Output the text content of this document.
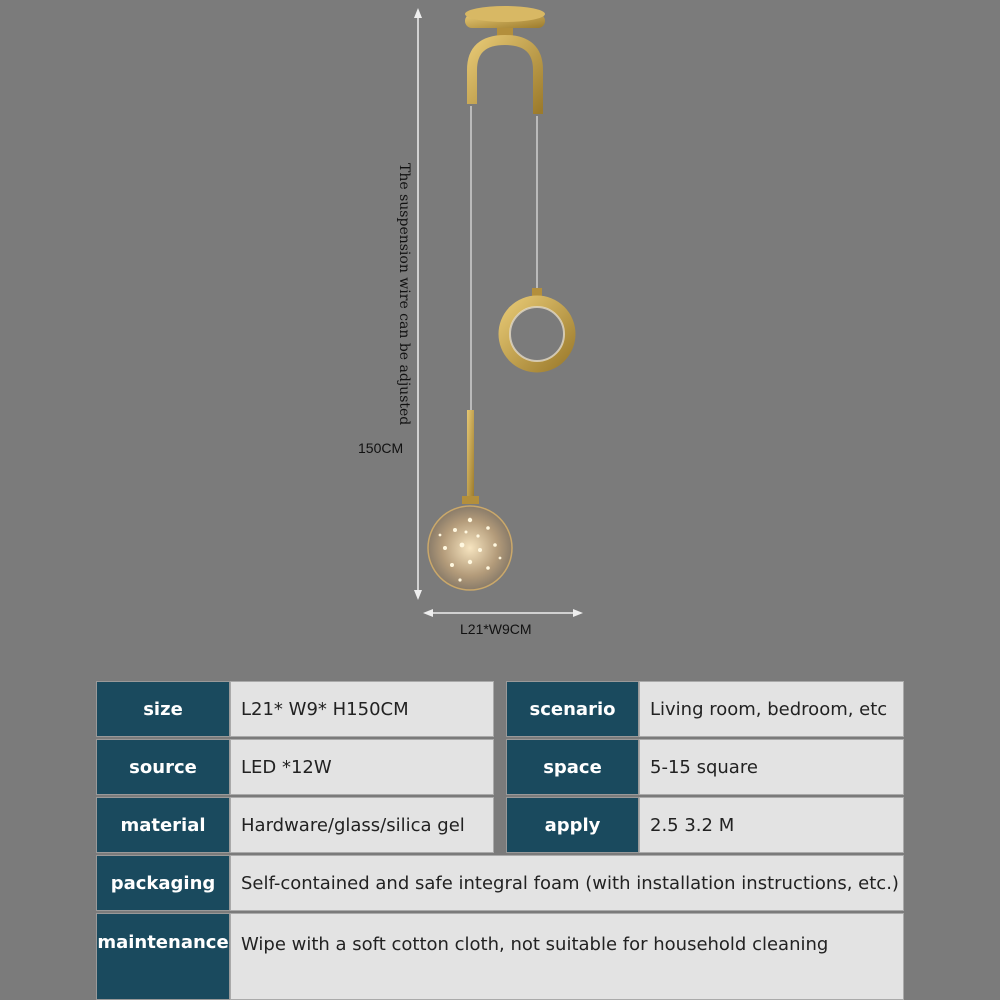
The suspension wire can be adjusted
150CM
L21*W9CM
size	L21* W9* H150CM	scenario	Living room, bedroom, etc
source	LED *12W	space	5-15 square
material	Hardware/glass/silica gel	apply	2.5 3.2 M
packaging	Self-contained and safe integral foam (with installation instructions, etc.)
maintenance Wipe with a soft cotton cloth, not suitable for household cleaning
